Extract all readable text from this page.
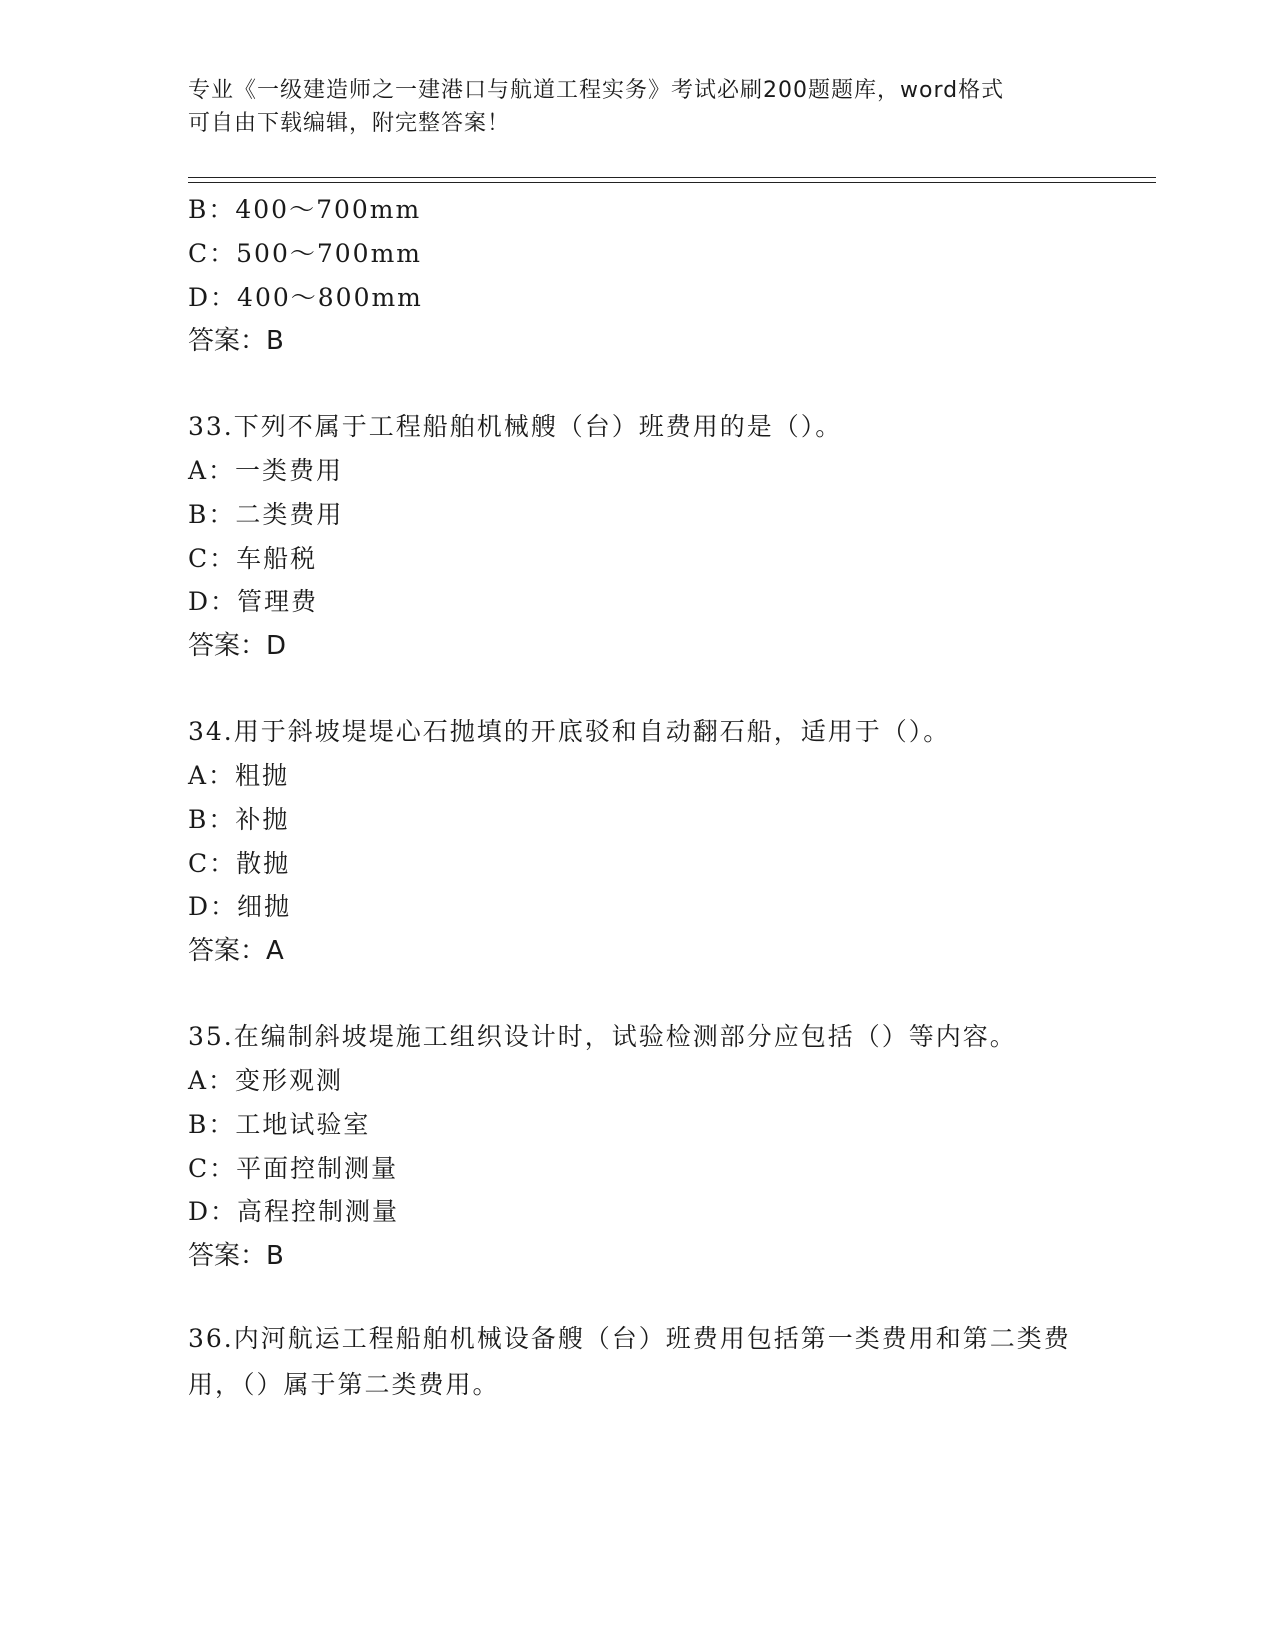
专业《一级建造师之一建港口与航道工程实务》考试必刷200题题库，word格式
可自由下载编辑，附完整答案！
B：400～700mm
C：500～700mm
D：400～800mm
答案：B
33.下列不属于工程船舶机械艘（台）班费用的是（）。
A：一类费用
B：二类费用
C：车船税
D：管理费
答案：D
34.用于斜坡堤堤心石抛填的开底驳和自动翻石船，适用于（）。
A：粗抛
B：补抛
C：散抛
D：细抛
答案：A
35.在编制斜坡堤施工组织设计时，试验检测部分应包括（）等内容。
A：变形观测
B：工地试验室
C：平面控制测量
D：高程控制测量
答案：B
36.内河航运工程船舶机械设备艘（台）班费用包括第一类费用和第二类费用，（）属于第二类费用。
